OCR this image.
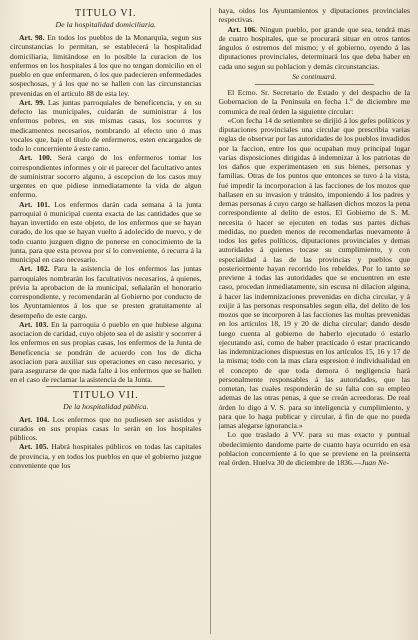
TITULO VI.
De la hospitalidad domiciliaria.

Art. 98. En todos los pueblos de la Monarquía, segun sus circunstancias lo permitan, se establecerá la hospitalidad domiciliaria, limitándose en lo posible la curacion de los enfermos en los hospitales á los que no tengan domicilio en el pueblo en que enfermaren, ó los que padecieren enfermedades sospechosas, y á los que no se hallen con las circunstancias prevenidas en el artículo 88 de esta ley.

Art. 99. Las juntas parroquiales de beneficencia, y en su defecto las municipales, cuidarán de suministrar á los enfermos pobres, en sus mismas casas, los socorros y medicamentos necesarios, nombrando al efecto uno ó mas vocales que, bajo el título de enfermeros, esten encargados de todo lo concerniente á este ramo.

Art. 100. Será cargo de los enfermeros tomar los correspondientes informes y oir el parecer del facultativo antes de suministrar socorro alguno, á escepcion de los casos muy urgentes en que pidiese inmediatamente la vida de algun enfermo.

Art. 101. Los enfermos darán cada semana á la junta parroquial ó municipal cuenta exacta de las cantidades que se hayan invertido en este objeto, de los enfermos que se hayan curado, de los que se hayan vuelto á adolecido de nuevo, y de todo cuanto juzguen digno de ponerse en conocimiento de la junta, para que esta provea por sí lo conveniente, ó recurra á la municipal en caso necesario.

Art. 102. Para la asistencia de los enfermos las juntas parroquiales nombrarán los facultativos necesarios, á quienes, prévia la aprobacion de la municipal, señalarán el honorario correspondiente, y recomendarán al Gobierno por conducto de los Ayuntamientos á los que se presten gratuitamente al desempeño de este cargo.

Art. 103. En la parroquia ó pueblo en que hubiese alguna asociacion de caridad, cuyo objeto sea el de asistir y socorrer á los enfermos en sus propias casas, los enfermos de la Junta de Beneficencia se pondrán de acuerdo con los de dicha asociacion para auxiliar sus operaciones en caso necesario, y para asegurarse de que nada falte á los enfermos que se hallen en el caso de reclamar la asistencia de la Junta.

TITULO VII.
De la hospitalidad pública.

Art. 104. Los enfermos que no pudiesen ser asistidos y curados en sus propias casas lo serán en los hospitales públicos.

Art. 105. Habrá hospitales públicos en todas las capitales de provincia, y en todos los pueblos en que el gobierno juzgue conveniente que los

haya, oidos los Ayuntamientos y diputaciones provinciales respectivas.

Art. 106. Ningun pueblo, por grande que sea, tendrá mas de cuatro hospitales, que se procurará situar en otros tantos ángulos ó estremos del mismo; y el gobierno, oyendo á las diputaciones provinciales, determinará los que deba haber en cada uno segun su poblacion y demás circunstancias.

Se continuará.

El Ecmo. Sr. Secretario de Estado y del despacho de la Gobernacion de la Península en fecha 1.º de diciembre me comunica de real órden la siguiente circular:

«Con fecha 14 de setiembre se dirijió á los gefes políticos y diputaciones provinciales una circular que prescribia varias reglas de observar por las autoridades de los pueblos invadidos por la faccion, entre los que ocupaban muy principal lugar varias disposiciones dirigidas á indemnizar á los patriotas de los daños que experimentasen en sus bienes, personas y familias. Otras de los puntos que entonces se tuvo á la vista, fué impedir la incorporacion á las facciones de los mozos que hallasen en su invasion y tránsito, imponiendo á los padres y demas personas á cuyo cargo se hallasen dichos mozos la pena correspondiente al delito de estos. El Gobierno de S. M. necesita ó hacer se ejecuten en todas sus partes dichas medidas, no pueden menos de recomendarlas nuevamente á todos los gefes políticos, diputaciones provinciales y demas autoridades á quienes tocase su cumplimiento, y con especialidad á las de las provincias y pueblos que posteriormente hayan recorrido los rebeldes. Por lo tanto se previene á todas las autoridades que se encuentren en este caso, procedan inmediatamente, sin escusa ni dilacion alguna, á hacer las indemnizaciones prevenidas en dicha circular, y á exijir á las personas responsables segun ella, del delito de los mozos que se incorporen á las facciones las multas prevenidas en los artículos 18, 19 y 20 de dicha circular; dando desde luego cuenta al gobierno de haberlo ejecutado ó estarlo ejecutando así, como de haber practicado ó estar practicando las indemnizaciones dispuestas en los artículos 15, 16 y 17 de la misma; todo con la mas clara espresion é individualidad en el concepto de que toda demora ó negligencia hará personalmente responsables á las autoridades, que las cometan, las cuales responderán de su falta con su empleo ademas de las otras penas, á que se creán acreedoras. De real órden lo digo á V. S. para su inteligencia y cumplimiento, y para que lo haga publicar y circular, á fin de que no pueda jamas alegarse ignorancia.»

Lo que traslado á VV. para su mas exacto y puntual obedecimiento dandome parte de cuanto haya ocurrido en esa poblacion concerniente á lo que se previene en la preinserta real órden. Huelva 30 de diciembre de 1836.—Juan Ne-
